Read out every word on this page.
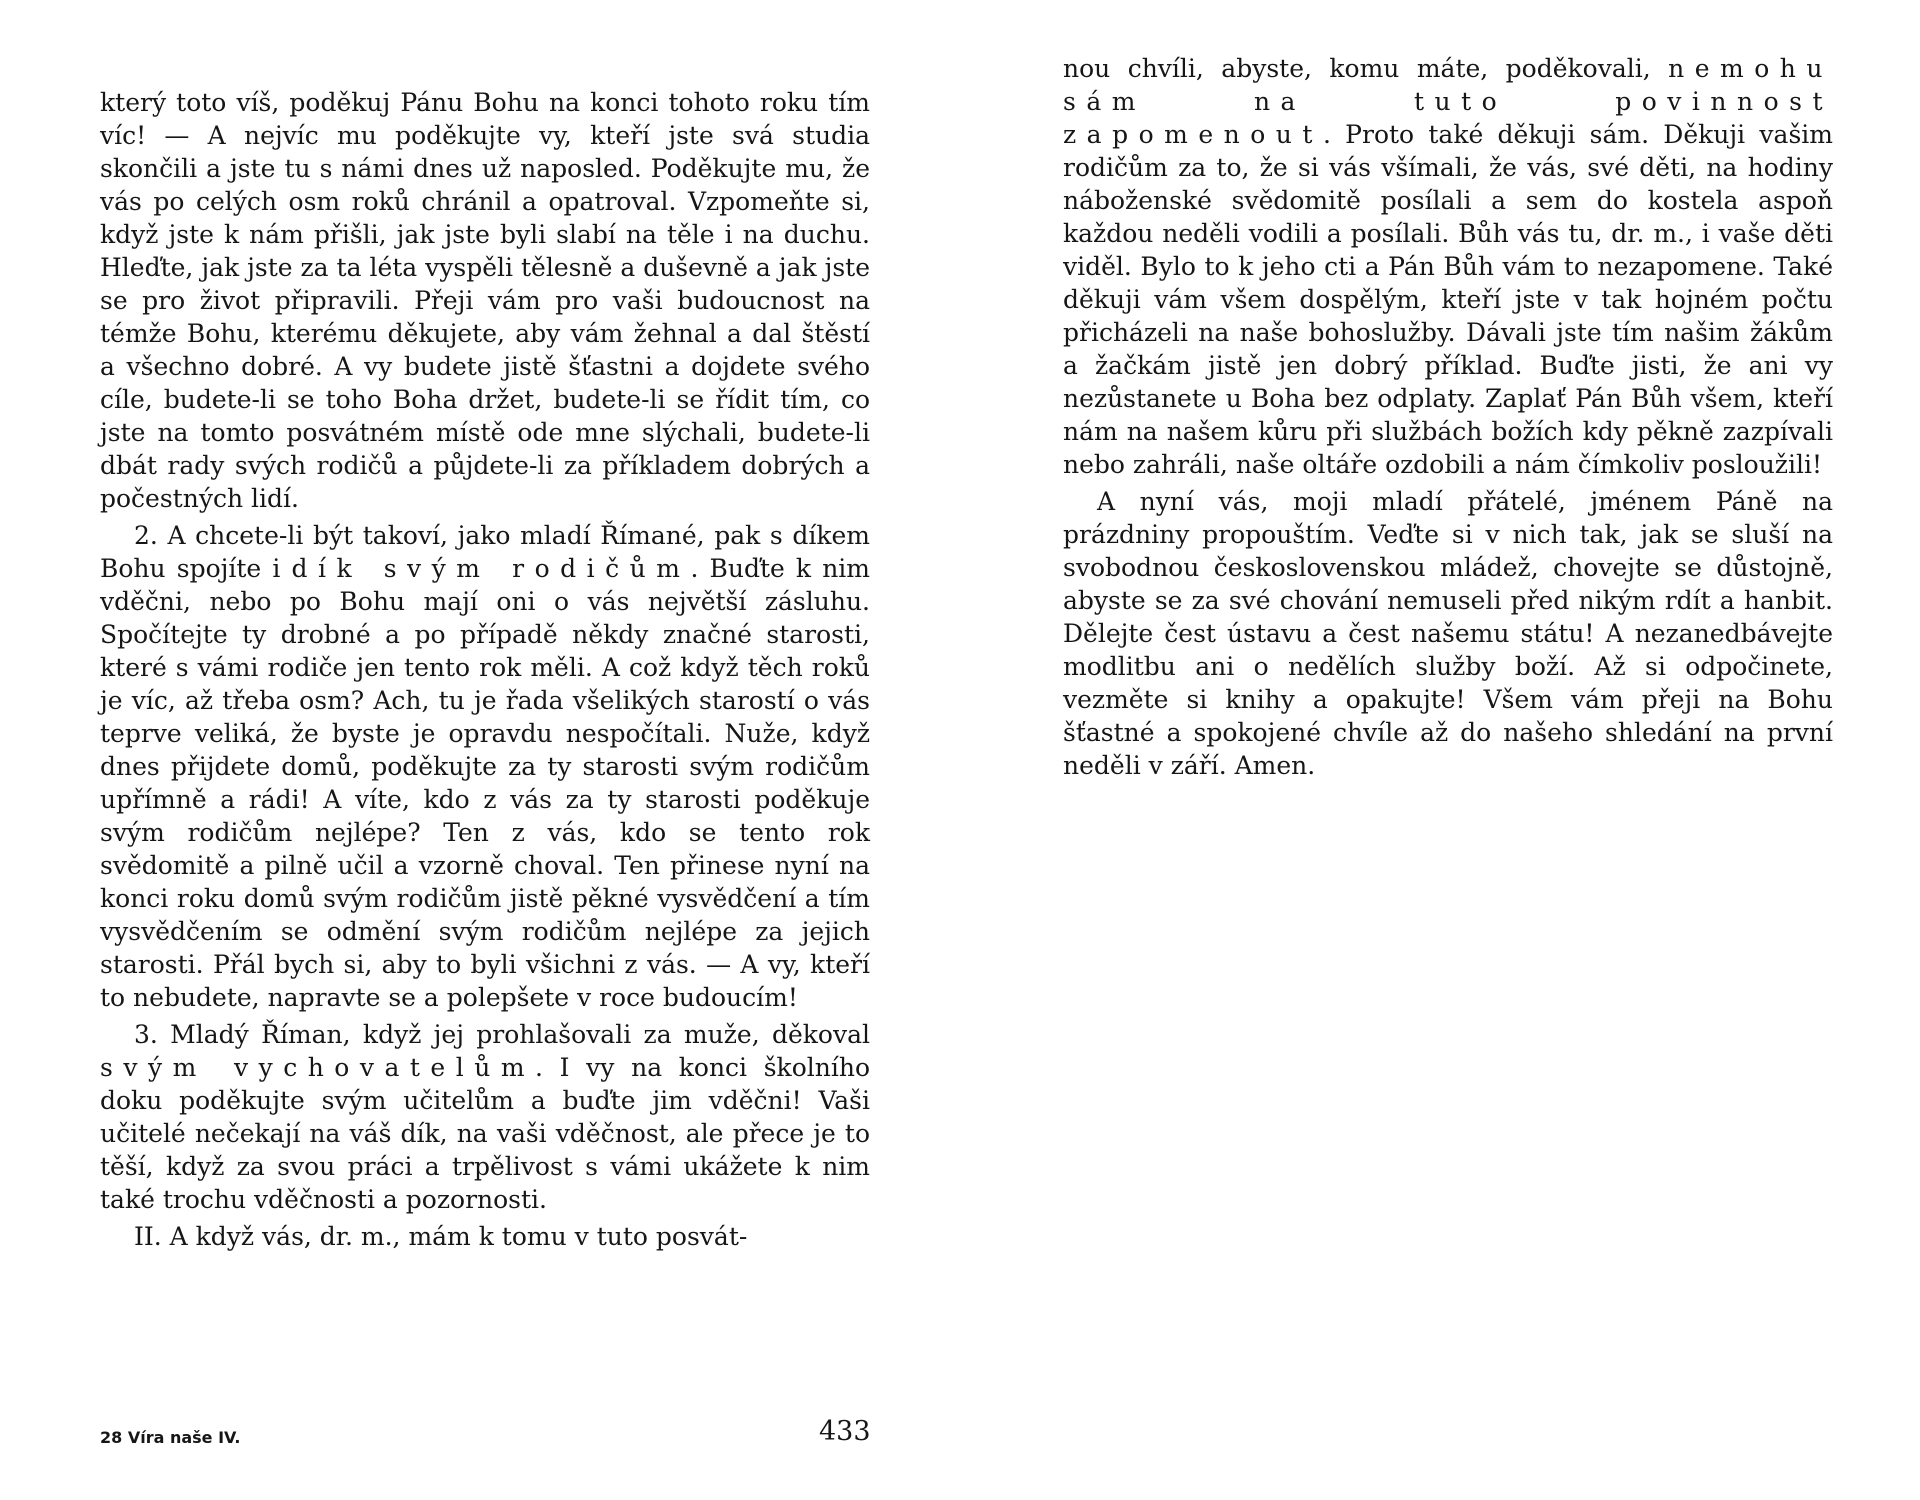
který toto víš, poděkuj Pánu Bohu na konci tohoto roku tím víc! — A nejvíc mu poděkujte vy, kteří jste svá studia skončili a jste tu s námi dnes už naposled. Poděkujte mu, že vás po celých osm roků chránil a opatroval. Vzpomeňte si, když jste k nám přišli, jak jste byli slabí na těle i na duchu. Hleďte, jak jste za ta léta vyspěli tělesně a duševně a jak jste se pro život připravili. Přeji vám pro vaši budoucnost na témže Bohu, kterému děkujete, aby vám žehnal a dal štěstí a všechno dobré. A vy budete jistě šťastni a dojdete svého cíle, budete-li se toho Boha držet, budete-li se řídit tím, co jste na tomto posvátném místě ode mne slýchali, budete-li dbát rady svých rodičů a půjdete-li za příkladem dobrých a počestných lidí.

2. A chcete-li být takoví, jako mladí Římané, pak s díkem Bohu spojíte i dík svým rodičům. Buďte k nim vděčni, nebo po Bohu mají oni o vás největší zásluhu. Spočítejte ty drobné a po případě někdy značné starosti, které s vámi rodiče jen tento rok měli. A což když těch roků je víc, až třeba osm? Ach, tu je řada všelikých starostí o vás teprve veliká, že byste je opravdu nespočítali. Nuže, když dnes přijdete domů, poděkujte za ty starosti svým rodičům upřímně a rádi! A víte, kdo z vás za ty starosti poděkuje svým rodičům nejlépe? Ten z vás, kdo se tento rok svědomitě a pilně učil a vzorně choval. Ten přinese nyní na konci roku domů svým rodičům jistě pěkné vysvědčení a tím vysvědčením se odmění svým rodičům nejlépe za jejich starosti. Přál bych si, aby to byli všichni z vás. — A vy, kteří to nebudete, napravte se a polepšete v roce budoucím!

3. Mladý Říman, když jej prohlašovali za muže, děkoval svým vychovatelům. I vy na konci školního doku poděkujte svým učitelům a buďte jim vděčni! Vaši učitelé nečekají na váš dík, na vaši vděčnost, ale přece je to těší, když za svou práci a trpělivost s vámi ukážete k nim také trochu vděčnosti a pozornosti.

II. A když vás, dr. m., mám k tomu v tuto posvát-

28 Víra naše IV.	433

nou chvíli, abyste, komu máte, poděkovali, nemohu sám na tuto povinnost zapomenout. Proto také děkuji sám. Děkuji vašim rodičům za to, že si vás všímali, že vás, své děti, na hodiny náboženské svědomitě posílali a sem do kostela aspoň každou neděli vodili a posílali. Bůh vás tu, dr. m., i vaše děti viděl. Bylo to k jeho cti a Pán Bůh vám to nezapomene. Také děkuji vám všem dospělým, kteří jste v tak hojném počtu přicházeli na naše bohoslužby. Dávali jste tím našim žákům a žačkám jistě jen dobrý příklad. Buďte jisti, že ani vy nezůstanete u Boha bez odplaty. Zaplať Pán Bůh všem, kteří nám na našem kůru při službách božích kdy pěkně zazpívali nebo zahráli, naše oltáře ozdobili a nám čímkoliv posloužili!

A nyní vás, moji mladí přátelé, jménem Páně na prázdniny propouštím. Veďte si v nich tak, jak se sluší na svobodnou československou mládež, chovejte se důstojně, abyste se za své chování nemuseli před nikým rdít a hanbit. Dělejte čest ústavu a čest našemu státu! A nezanedbávejte modlitbu ani o nedělích služby boží. Až si odpočinete, vezměte si knihy a opakujte! Všem vám přeji na Bohu šťastné a spokojené chvíle až do našeho shledání na první neděli v září. Amen.
